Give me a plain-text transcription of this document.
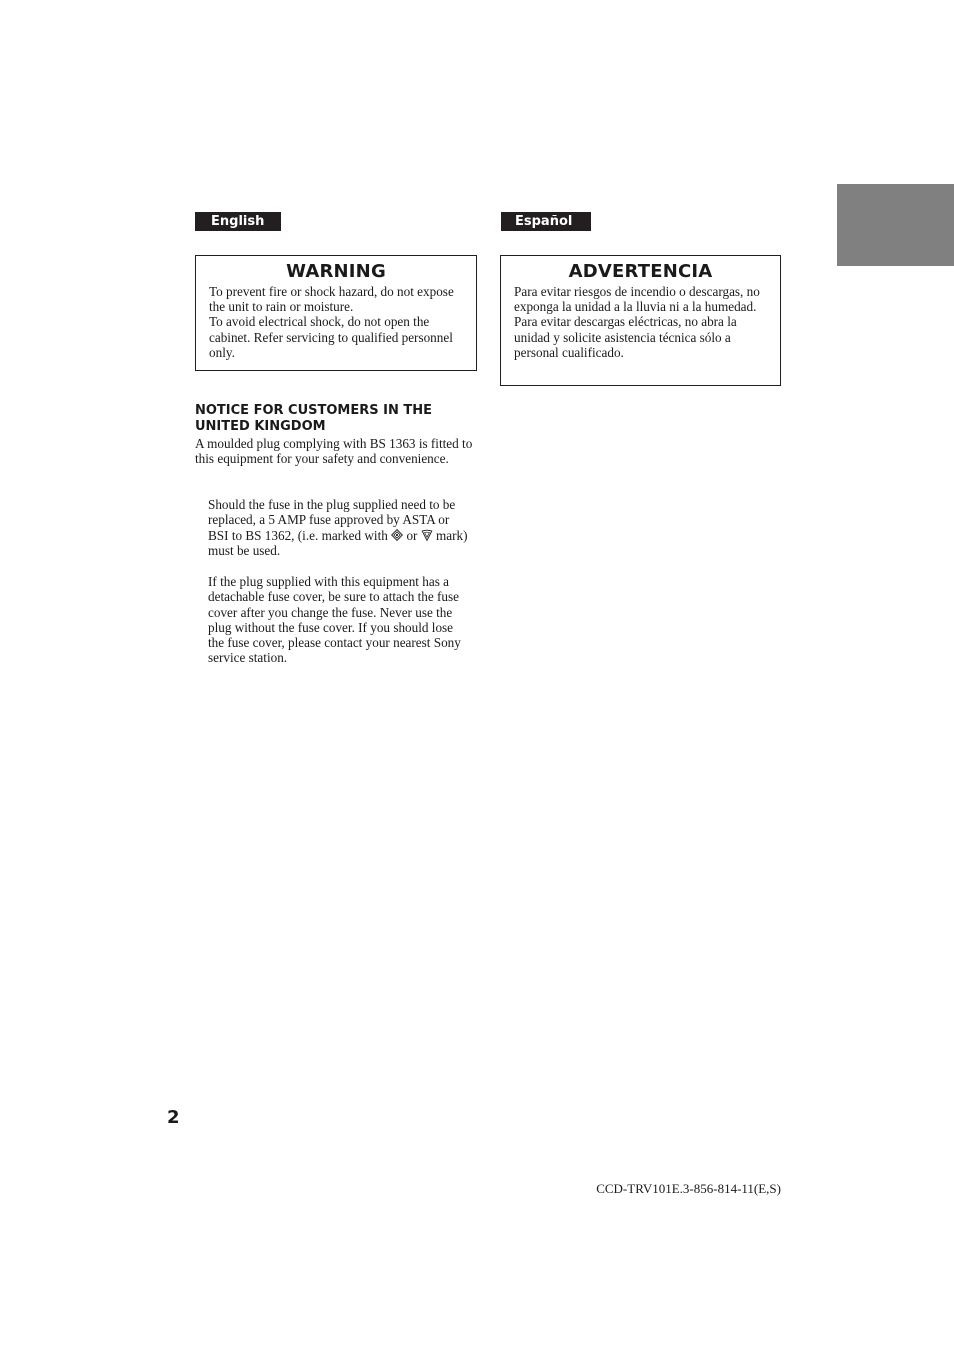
English	Español
WARNING

To prevent fire or shock hazard, do not expose the unit to rain or moisture.

To avoid electrical shock, do not open the cabinet. Refer servicing to qualified personnel only.

ADVERTENCIA

Para evitar riesgos de incendio o descargas, no exponga la unidad a la lluvia ni a la humedad.

Para evitar descargas eléctricas, no abra la unidad y solicite asistencia técnica sólo a personal cualificado.

NOTICE FOR CUSTOMERS IN THE UNITED KINGDOM
A moulded plug complying with BS 1363 is fitted to this equipment for your safety and convenience.
Should the fuse in the plug supplied need to be replaced, a 5 AMP fuse approved by ASTA or BSI to BS 1362, (i.e. marked with or mark) must be used.
If the plug supplied with this equipment has a detachable fuse cover, be sure to attach the fuse cover after you change the fuse. Never use the plug without the fuse cover. If you should lose the fuse cover, please contact your nearest Sony service station.
2
CCD-TRV101E.3-856-814-11(E,S)
